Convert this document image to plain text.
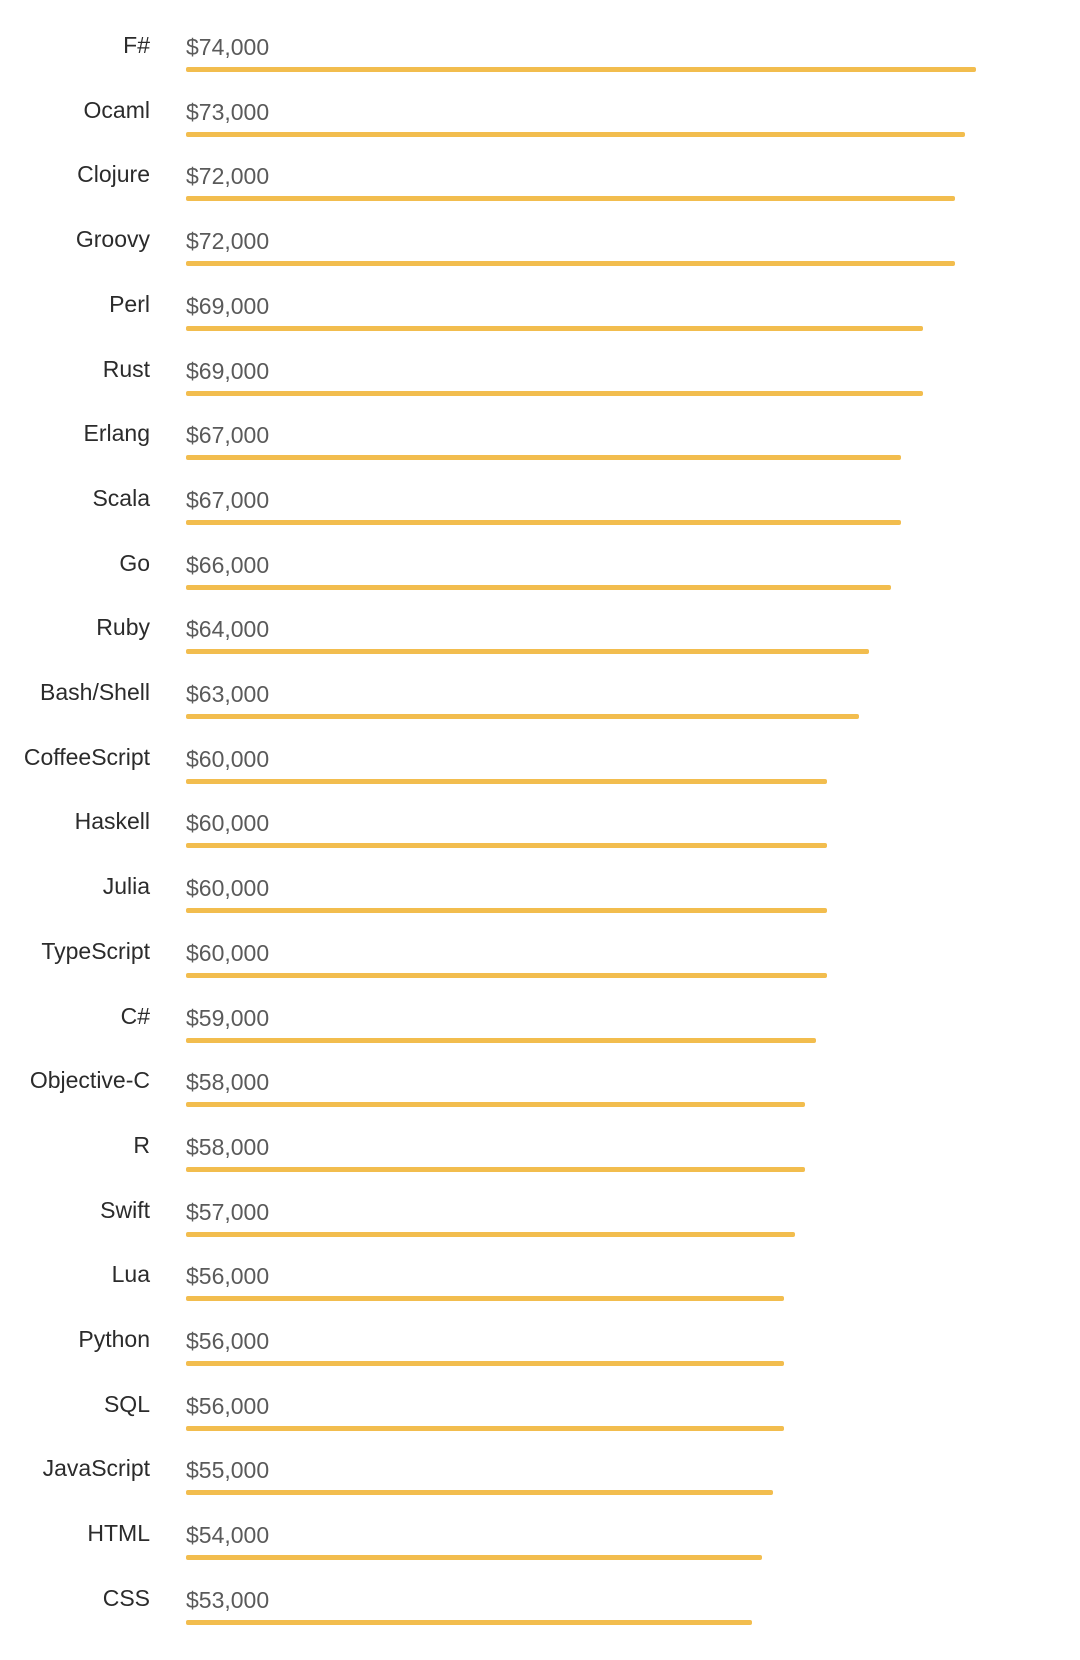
F# $74,000
Ocaml $73,000
Clojure $72,000
Groovy $72,000
Perl $69,000
Rust $69,000
Erlang $67,000
Scala $67,000
Go $66,000
Ruby $64,000
Bash/Shell $63,000
CoffeeScript $60,000
Haskell $60,000
Julia $60,000
TypeScript $60,000
C# $59,000
Objective-C $58,000
R $58,000
Swift $57,000
Lua $56,000
Python $56,000
SQL $56,000
JavaScript $55,000
HTML $54,000
CSS $53,000
